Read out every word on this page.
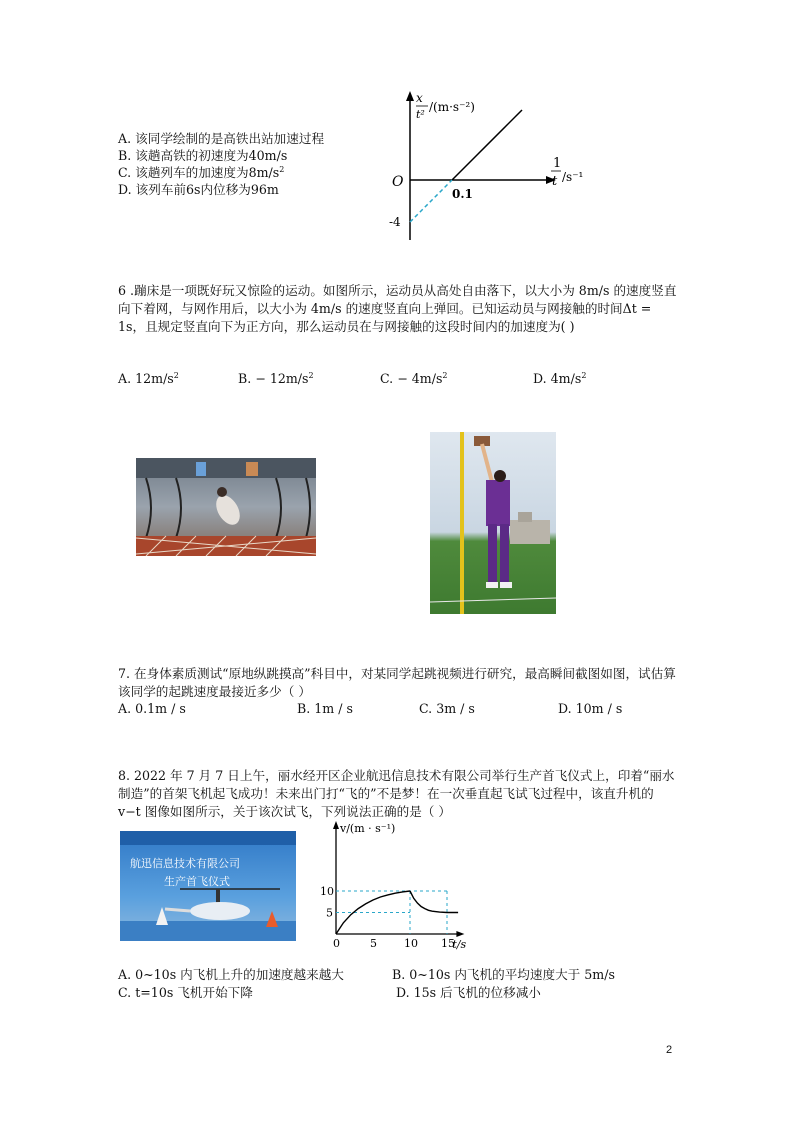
A. 该同学绘制的是高铁出站加速过程
B. 该趟高铁的初速度为40m/s
C. 该趟列车的加速度为$8m/s^2$
D. 该列车前6s内位移为96m
x
t²
/(m·s⁻²)
1
t /s⁻¹
O
0.1
-4
6 .蹦床是一项既好玩又惊险的运动。如图所示，运动员从高处自由落下，以大小为 8m/s 的速度竖直向下着网，与网作用后，以大小为 4m/s 的速度竖直向上弹回。已知运动员与网接触的时间Δt = 1s，且规定竖直向下为正方向，那么运动员在与网接触的这段时间内的加速度为( )
A. $12m/s^2$	B. − $12m/s^2$	C. − $4m/s^2$	D. $4m/s^2$
7. 在身体素质测试“原地纵跳摸高”科目中，对某同学起跳视频进行研究，最高瞬间截图如图，试估算该同学的起跳速度最接近多少（ ）
A. 0.1m / s	B. 1m / s	C. 3m / s	D. 10m / s
8. 2022 年 7 月 7 日上午，丽水经开区企业航迅信息技术有限公司举行生产首飞仪式上，印着“丽水制造”的首架飞机起飞成功！未来出门打“飞的”不是梦！在一次垂直起飞试飞过程中，该直升机的 v−t 图像如图所示，关于该次试飞，下列说法正确的是（ ）
航迅信息技术有限公司
生产首飞仪式
0	5 10 15
5
10
t/s
v/(m · s⁻¹)
A. 0~10s 内飞机上升的加速度越来越大	B. 0~10s 内飞机的平均速度大于 5m/s
C. t=10s 飞机开始下降	D. 15s 后飞机的位移减小
2
